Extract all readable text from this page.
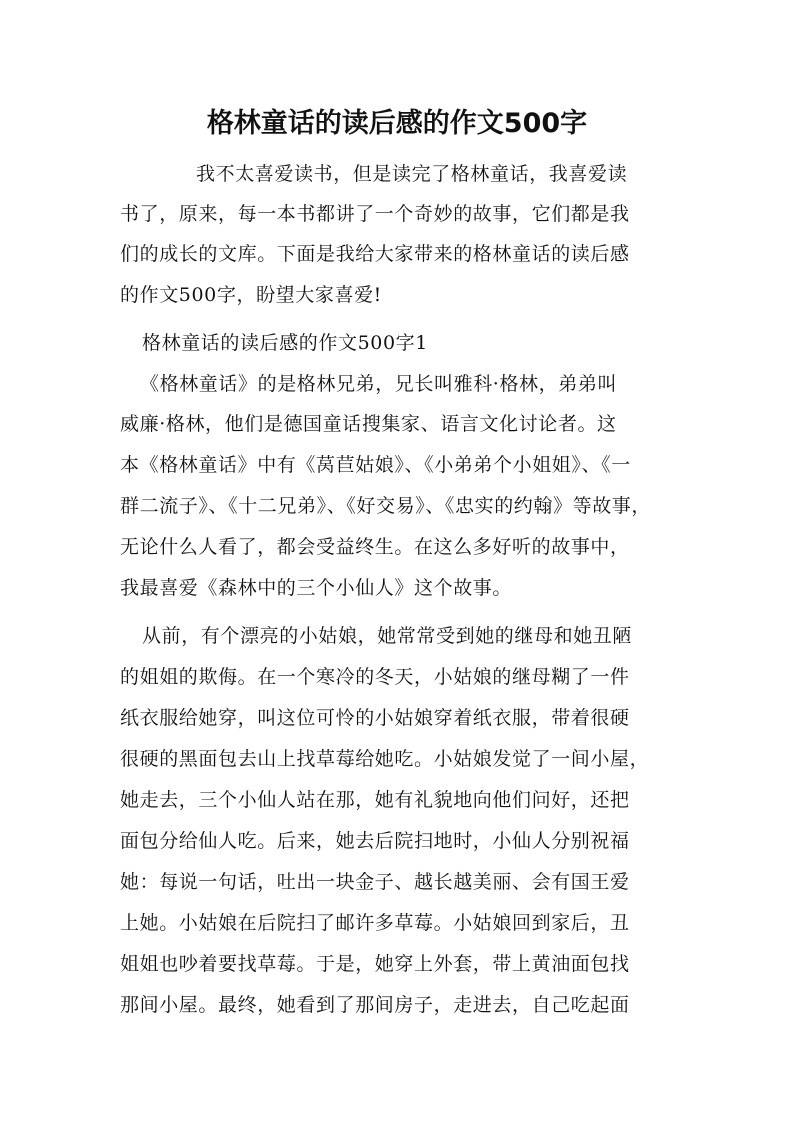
格林童话的读后感的作文500字
我不太喜爱读书，但是读完了格林童话，我喜爱读
书了，原来，每一本书都讲了一个奇妙的故事，它们都是我
们的成长的文库。下面是我给大家带来的格林童话的读后感
的作文500字，盼望大家喜爱!
格林童话的读后感的作文500字1
《格林童话》的是格林兄弟，兄长叫雅科·格林，弟弟叫
威廉·格林，他们是德国童话搜集家、语言文化讨论者。这
本《格林童话》中有《莴苣姑娘》、《小弟弟个小姐姐》、《一
群二流子》、《十二兄弟》、《好交易》、《忠实的约翰》等故事，
无论什么人看了，都会受益终生。在这么多好听的故事中，
我最喜爱《森林中的三个小仙人》这个故事。
从前，有个漂亮的小姑娘，她常常受到她的继母和她丑陋
的姐姐的欺侮。在一个寒冷的冬天，小姑娘的继母糊了一件
纸衣服给她穿，叫这位可怜的小姑娘穿着纸衣服，带着很硬
很硬的黑面包去山上找草莓给她吃。小姑娘发觉了一间小屋，
她走去，三个小仙人站在那，她有礼貌地向他们问好，还把
面包分给仙人吃。后来，她去后院扫地时，小仙人分别祝福
她：每说一句话，吐出一块金子、越长越美丽、会有国王爱
上她。小姑娘在后院扫了邮许多草莓。小姑娘回到家后，丑
姐姐也吵着要找草莓。于是，她穿上外套，带上黄油面包找
那间小屋。最终，她看到了那间房子，走进去，自己吃起面
